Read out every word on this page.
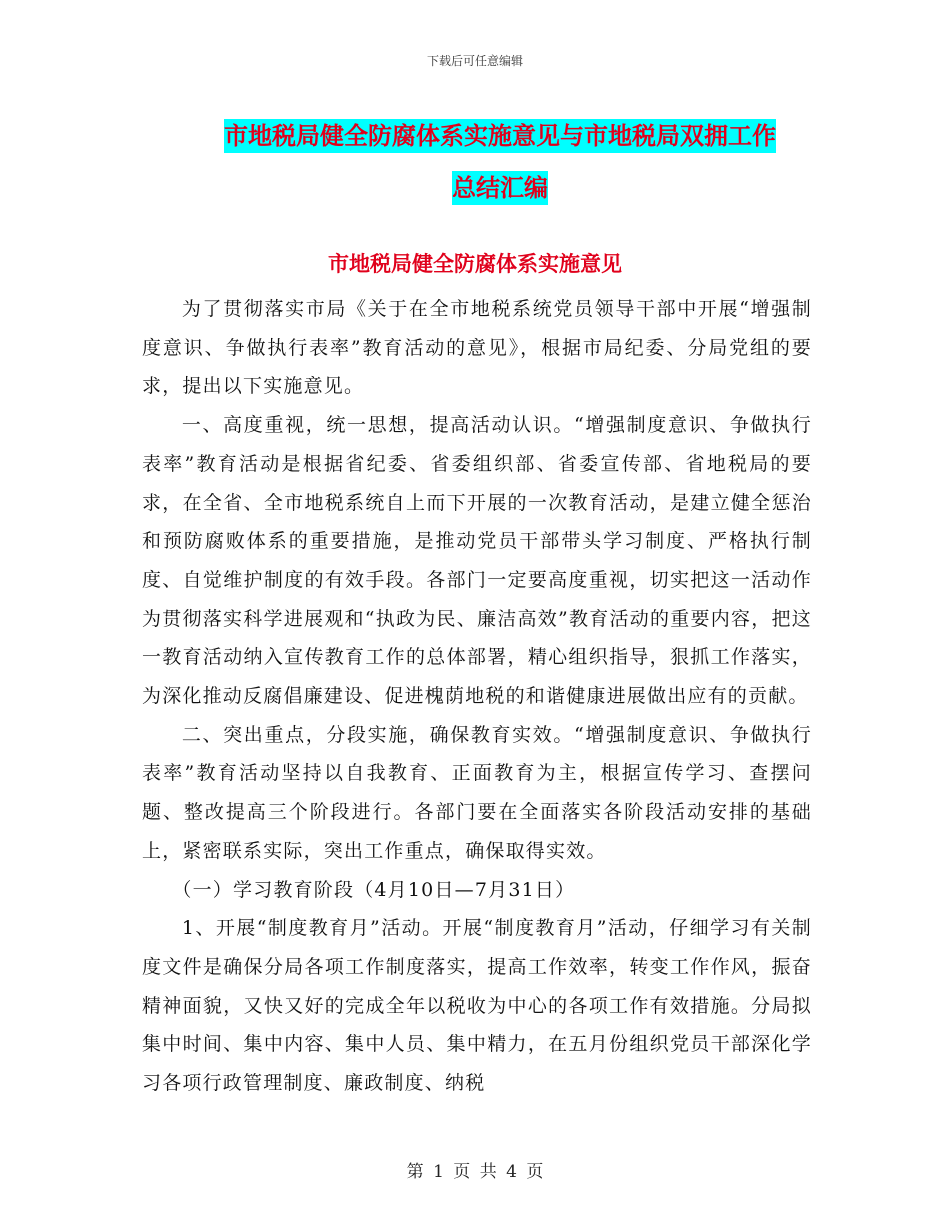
下载后可任意编辑
市地税局健全防腐体系实施意见与市地税局双拥工作
总结汇编
市地税局健全防腐体系实施意见

为了贯彻落实市局《关于在全市地税系统党员领导干部中开展“增强制度意识、争做执行表率”教育活动的意见》，根据市局纪委、分局党组的要求，提出以下实施意见。

一、高度重视，统一思想，提高活动认识。“增强制度意识、争做执行表率”教育活动是根据省纪委、省委组织部、省委宣传部、省地税局的要求，在全省、全市地税系统自上而下开展的一次教育活动，是建立健全惩治和预防腐败体系的重要措施，是推动党员干部带头学习制度、严格执行制度、自觉维护制度的有效手段。各部门一定要高度重视，切实把这一活动作为贯彻落实科学进展观和“执政为民、廉洁高效”教育活动的重要内容，把这一教育活动纳入宣传教育工作的总体部署，精心组织指导，狠抓工作落实，为深化推动反腐倡廉建设、促进槐荫地税的和谐健康进展做出应有的贡献。

二、突出重点，分段实施，确保教育实效。“增强制度意识、争做执行表率”教育活动坚持以自我教育、正面教育为主，根据宣传学习、查摆问题、整改提高三个阶段进行。各部门要在全面落实各阶段活动安排的基础上，紧密联系实际，突出工作重点，确保取得实效。

（一）学习教育阶段（4月10日—7月31日）

1、开展“制度教育月”活动。开展“制度教育月”活动，仔细学习有关制度文件是确保分局各项工作制度落实，提高工作效率，转变工作作风，振奋精神面貌，又快又好的完成全年以税收为中心的各项工作有效措施。分局拟集中时间、集中内容、集中人员、集中精力，在五月份组织党员干部深化学习各项行政管理制度、廉政制度、纳税

第 1 页 共 4 页
